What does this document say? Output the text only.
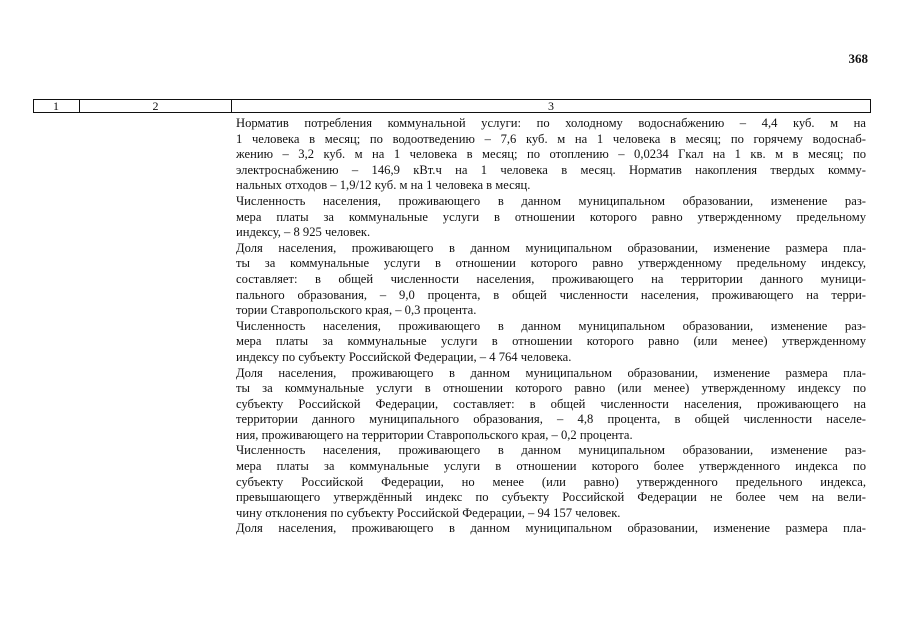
368
1	2	3
Норматив потребления коммунальной услуги: по холодному водоснабжению – 4,4 куб. м на
1 человека в месяц; по водоотведению – 7,6 куб. м на 1 человека в месяц; по горячему водоснаб-
жению – 3,2 куб. м на 1 человека в месяц; по отоплению – 0,0234 Гкал на 1 кв. м в месяц; по
электроснабжению – 146,9 кВт.ч на 1 человека в месяц. Норматив накопления твердых комму-
нальных отходов – 1,9/12 куб. м на 1 человека в месяц.
Численность населения, проживающего в данном муниципальном образовании, изменение раз-
мера платы за коммунальные услуги в отношении которого равно утвержденному предельному
индексу, – 8 925 человек.
Доля населения, проживающего в данном муниципальном образовании, изменение размера пла-
ты за коммунальные услуги в отношении которого равно утвержденному предельному индексу,
составляет: в общей численности населения, проживающего на территории данного муници-
пального образования, – 9,0 процента, в общей численности населения, проживающего на терри-
тории Ставропольского края, – 0,3 процента.
Численность населения, проживающего в данном муниципальном образовании, изменение раз-
мера платы за коммунальные услуги в отношении которого равно (или менее) утвержденному
индексу по субъекту Российской Федерации, – 4 764 человека.
Доля населения, проживающего в данном муниципальном образовании, изменение размера пла-
ты за коммунальные услуги в отношении которого равно (или менее) утвержденному индексу по
субъекту Российской Федерации, составляет: в общей численности населения, проживающего на
территории данного муниципального образования, – 4,8 процента, в общей численности населе-
ния, проживающего на территории Ставропольского края, – 0,2 процента.
Численность населения, проживающего в данном муниципальном образовании, изменение раз-
мера платы за коммунальные услуги в отношении которого более утвержденного индекса по
субъекту Российской Федерации, но менее (или равно) утвержденного предельного индекса,
превышающего утверждённый индекс по субъекту Российской Федерации не более чем на вели-
чину отклонения по субъекту Российской Федерации, – 94 157 человек.
Доля населения, проживающего в данном муниципальном образовании, изменение размера пла-
